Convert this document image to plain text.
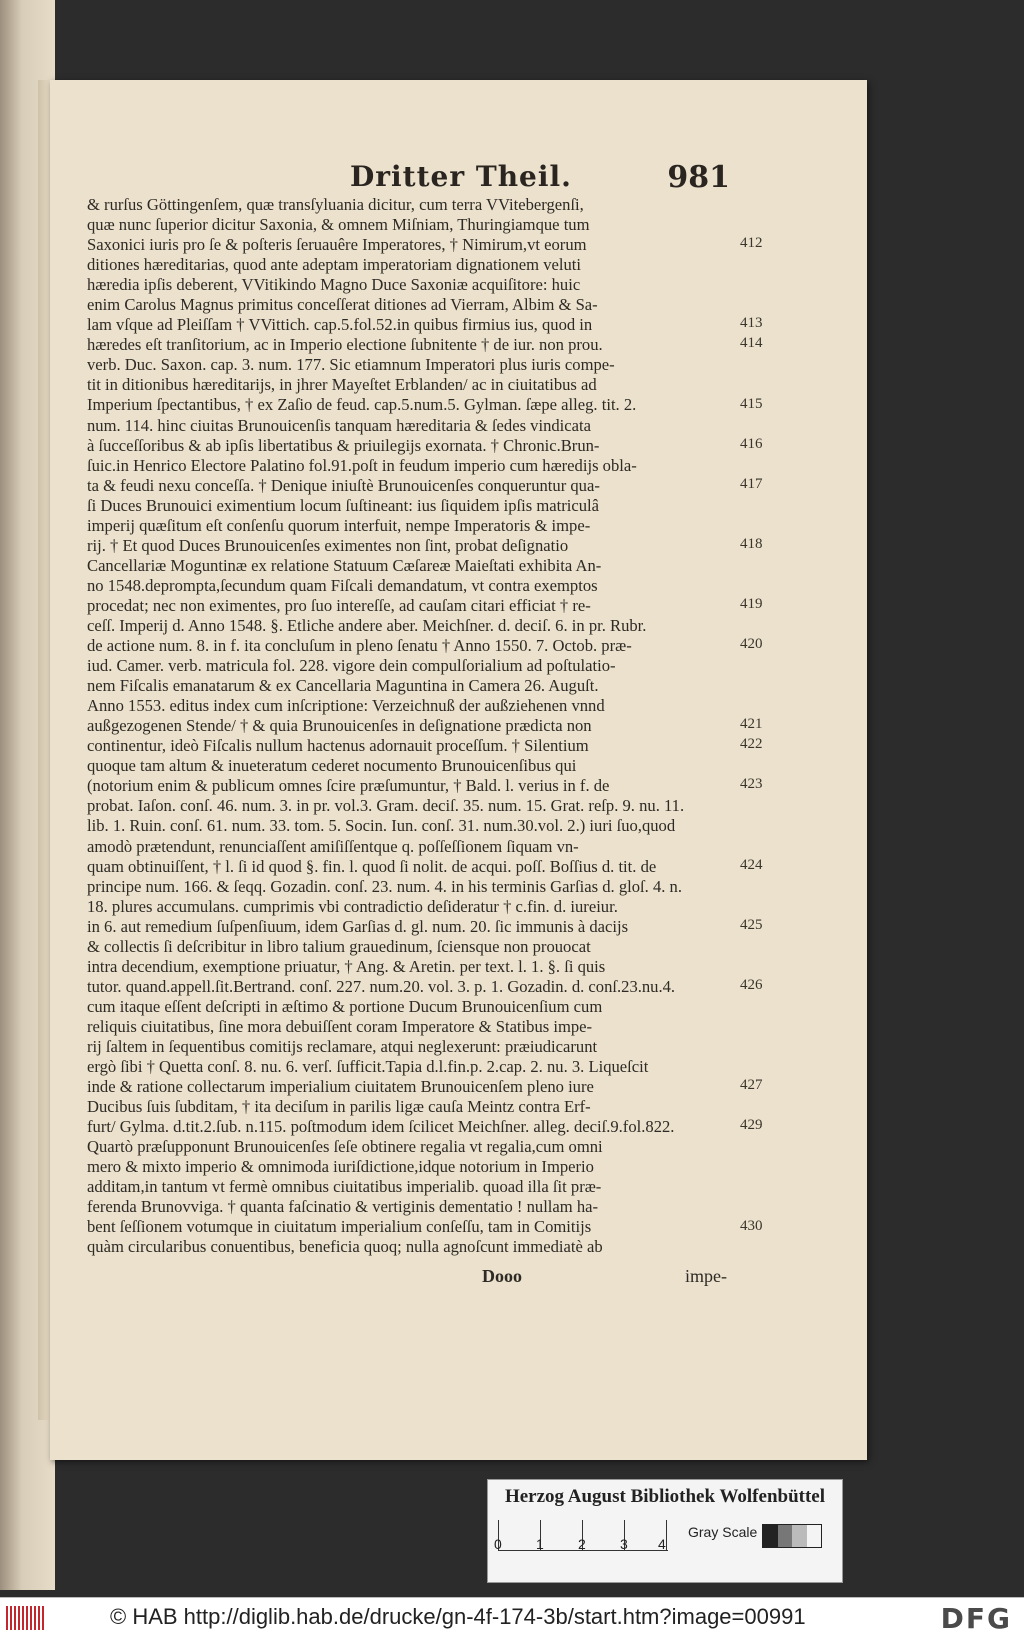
Dritter Theil.	981
& rurſus Göttingenſem, quæ transſyluania dicitur, cum terra VVitebergenſi,
quæ nunc ſuperior dicitur Saxonia, & omnem Miſniam, Thuringiamque tum
Saxonici iuris pro ſe & poſteris ſeruauêre Imperatores, † Nimirum,vt eorum
ditiones hæreditarias, quod ante adeptam imperatoriam dignationem veluti
hæredia ipſis deberent, VVitikindo Magno Duce Saxoniæ acquiſitore: huic
enim Carolus Magnus primitus conceſſerat ditiones ad Vierram, Albim & Sa-
lam vſque ad Pleiſſam † VVittich. cap.5.fol.52.in quibus firmius ius, quod in
hæredes eſt tranſitorium, ac in Imperio electione ſubnitente † de iur. non prou.
verb. Duc. Saxon. cap. 3. num. 177. Sic etiamnum Imperatori plus iuris compe-
tit in ditionibus hæreditarijs, in jhrer Mayeſtet Erblanden/ ac in ciuitatibus ad
Imperium ſpectantibus, † ex Zaſio de feud. cap.5.num.5. Gylman. ſæpe alleg. tit. 2.
num. 114. hinc ciuitas Brunouicenſis tanquam hæreditaria & ſedes vindicata
à ſucceſſoribus & ab ipſis libertatibus & priuilegijs exornata. † Chronic.Brun-
ſuic.in Henrico Electore Palatino fol.91.poſt in feudum imperio cum hæredijs obla-
ta & feudi nexu conceſſa. † Denique iniuſtè Brunouicenſes conqueruntur qua-
ſi Duces Brunouici eximentium locum ſuſtineant: ius ſiquidem ipſis matriculâ
imperij quæſitum eſt conſenſu quorum interfuit, nempe Imperatoris & impe-
rij. † Et quod Duces Brunouicenſes eximentes non ſint, probat deſignatio
Cancellariæ Moguntinæ ex relatione Statuum Cæſareæ Maieſtati exhibita An-
no 1548.deprompta,ſecundum quam Fiſcali demandatum, vt contra exemptos
procedat; nec non eximentes, pro ſuo intereſſe, ad cauſam citari efficiat † re-
ceſſ. Imperij d. Anno 1548. §. Etliche andere aber. Meichſner. d. deciſ. 6. in pr. Rubr.
de actione num. 8. in f. ita concluſum in pleno ſenatu † Anno 1550. 7. Octob. præ-
iud. Camer. verb. matricula fol. 228. vigore dein compulſorialium ad poſtulatio-
nem Fiſcalis emanatarum & ex Cancellaria Maguntina in Camera 26. Auguſt.
Anno 1553. editus index cum inſcriptione: Verzeichnuß der außziehenen vnnd
außgezogenen Stende/ † & quia Brunouicenſes in deſignatione prædicta non
continentur, ideò Fiſcalis nullum hactenus adornauit proceſſum. † Silentium
quoque tam altum & inueteratum cederet nocumento Brunouicenſibus qui
(notorium enim & publicum omnes ſcire præſumuntur, † Bald. l. verius in f. de
probat. Iaſon. conſ. 46. num. 3. in pr. vol.3. Gram. deciſ. 35. num. 15. Grat. reſp. 9. nu. 11.
lib. 1. Ruin. conſ. 61. num. 33. tom. 5. Socin. Iun. conſ. 31. num.30.vol. 2.) iuri ſuo,quod
amodò prætendunt, renunciaſſent amiſiſſentque q. poſſeſſionem ſiquam vn-
quam obtinuiſſent, † l. ſi id quod §. fin. l. quod ſi nolit. de acqui. poſſ. Boſſius d. tit. de
principe num. 166. & ſeqq. Gozadin. conſ. 23. num. 4. in his terminis Garſias d. gloſ. 4. n.
18. plures accumulans. cumprimis vbi contradictio deſideratur † c.fin. d. iureiur.
in 6. aut remedium ſuſpenſiuum, idem Garſias d. gl. num. 20. ſic immunis à dacijs
& collectis ſi deſcribitur in libro talium grauedinum, ſciensque non prouocat
intra decendium, exemptione priuatur, † Ang. & Aretin. per text. l. 1. §. ſi quis
tutor. quand.appell.ſit.Bertrand. conſ. 227. num.20. vol. 3. p. 1. Gozadin. d. conſ.23.nu.4.
cum itaque eſſent deſcripti in æſtimo & portione Ducum Brunouicenſium cum
reliquis ciuitatibus, ſine mora debuiſſent coram Imperatore & Statibus impe-
rij ſaltem in ſequentibus comitijs reclamare, atqui neglexerunt: præiudicarunt
ergò ſibi † Quetta conſ. 8. nu. 6. verſ. ſufficit.Tapia d.l.fin.p. 2.cap. 2. nu. 3. Liqueſcit
inde & ratione collectarum imperialium ciuitatem Brunouicenſem pleno iure
Ducibus ſuis ſubditam, † ita deciſum in parilis ligæ cauſa Meintz contra Erf-
furt/ Gylma. d.tit.2.ſub. n.115. poſtmodum idem ſcilicet Meichſner. alleg. deciſ.9.fol.822.
Quartò præſupponunt Brunouicenſes ſeſe obtinere regalia vt regalia,cum omni
mero & mixto imperio & omnimoda iuriſdictione,idque notorium in Imperio
additam,in tantum vt fermè omnibus ciuitatibus imperialib. quoad illa ſit præ-
ferenda Brunovviga. † quanta faſcinatio & vertiginis dementatio ! nullam ha-
bent ſeſſionem votumque in ciuitatum imperialium conſeſſu, tam in Comitijs
quàm circularibus conuentibus, beneficia quoq; nulla agnoſcunt immediatè ab
412
413
414
415
416
417
418
419
420
421
422
423
424
425
426
427
429
430
Dooo	impe-
Herzog August Bibliothek Wolfenbüttel
0 1 2 3 4
Gray Scale
© HAB http://diglib.hab.de/drucke/gn-4f-174-3b/start.htm?image=00991	DFG
